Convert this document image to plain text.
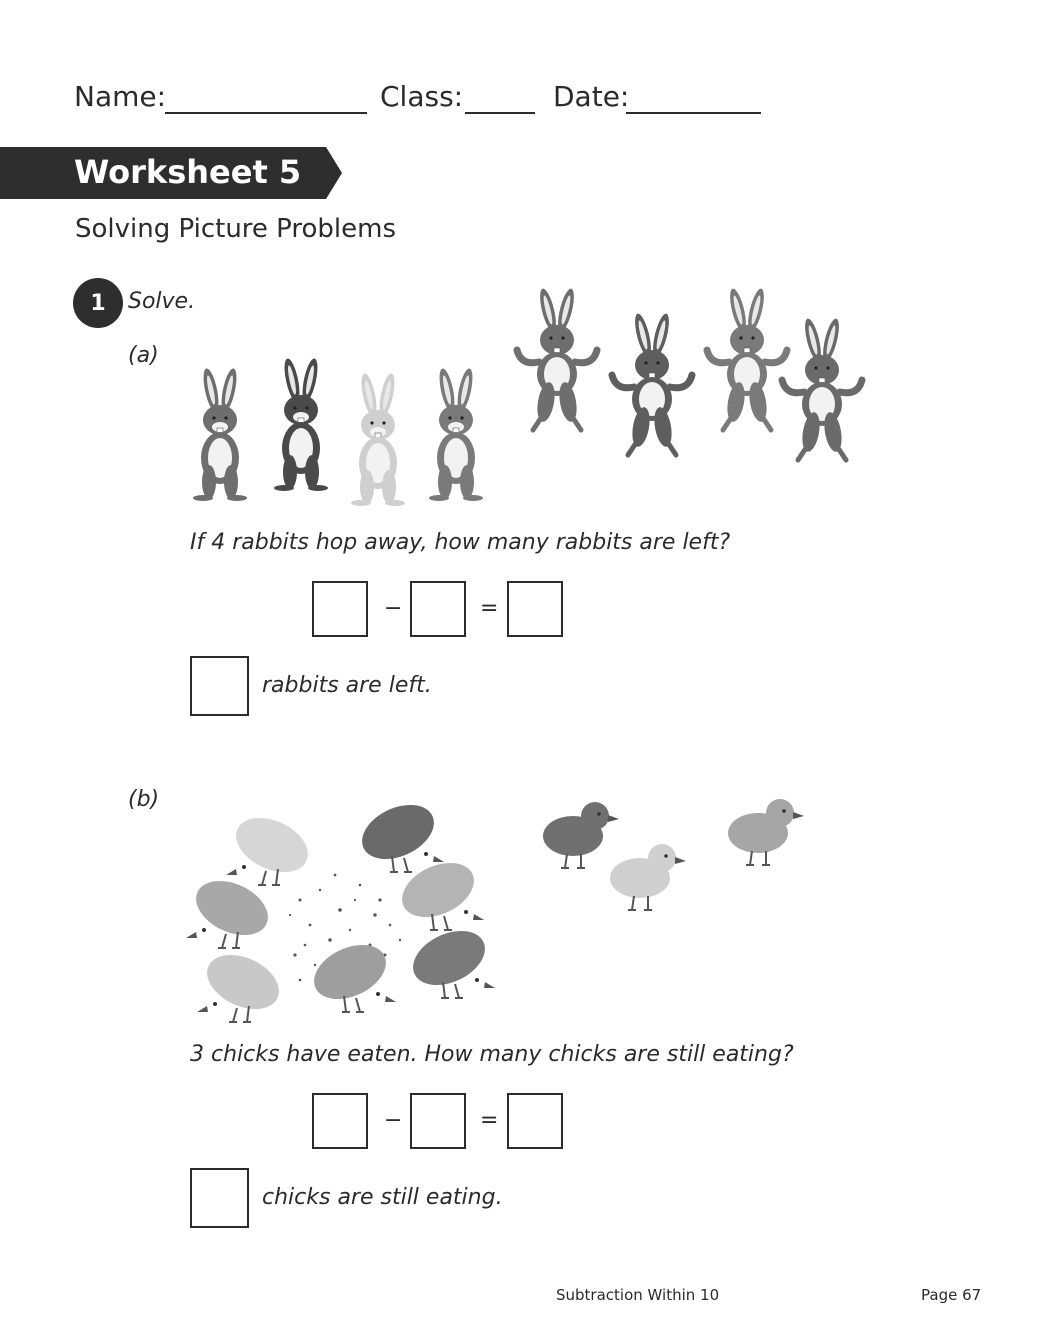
Name:	Class:	Date:
Worksheet 5
Solving Picture Problems
1	Solve.
(a)
If 4 rabbits hop away, how many rabbits are left?
−	=
rabbits are left.
(b)
3 chicks have eaten. How many chicks are still eating?
−	=
chicks are still eating.
Subtraction Within 10	Page 67
